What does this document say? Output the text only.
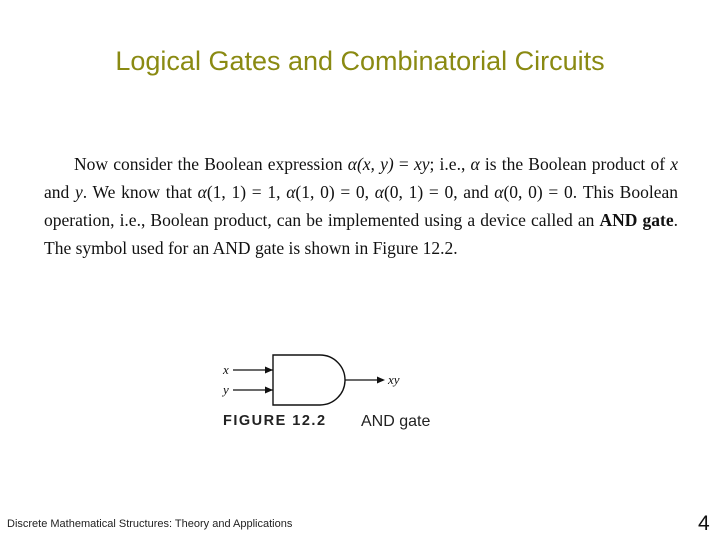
Logical Gates and Combinatorial Circuits

Now consider the Boolean expression α(x, y) = xy; i.e., α is the Boolean product of x and y. We know that α(1, 1) = 1, α(1, 0) = 0, α(0, 1) = 0, and α(0, 0) = 0. This Boolean operation, i.e., Boolean product, can be implemented using a device called an AND gate. The symbol used for an AND gate is shown in Figure 12.2.

x
y
xy
FIGURE 12.2 AND gate
Discrete Mathematical Structures: Theory and Applications	4
